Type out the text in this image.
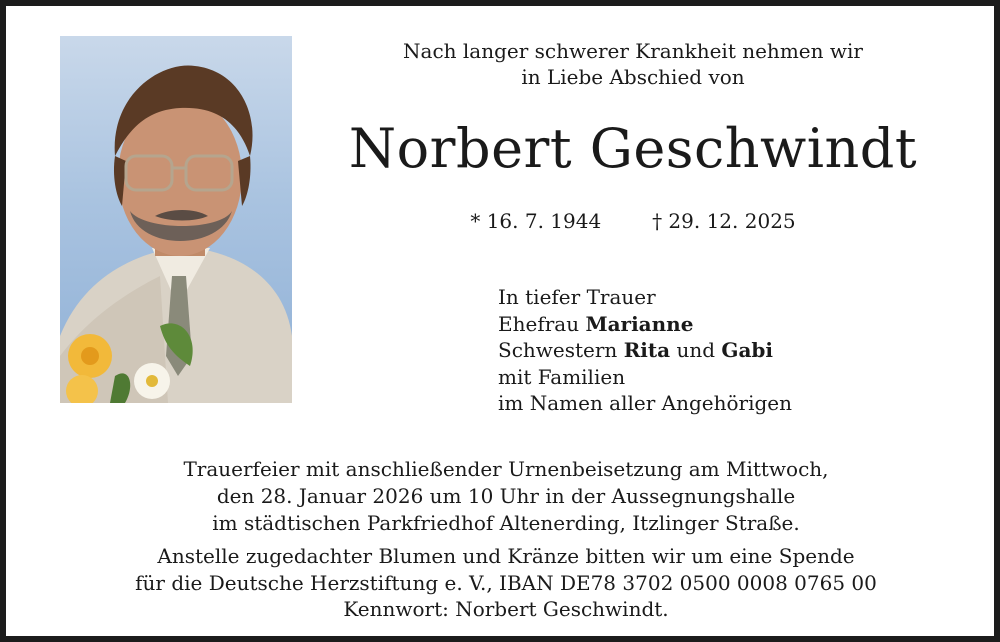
Nach langer schwerer Krankheit nehmen wir
in Liebe Abschied von
Norbert Geschwindt
* 16. 7. 1944	† 29. 12. 2025
In tiefer Trauer
Ehefrau Marianne
Schwestern Rita und Gabi
mit Familien
im Namen aller Angehörigen
Trauerfeier mit anschließender Urnenbeisetzung am Mittwoch,
den 28. Januar 2026 um 10 Uhr in der Aussegnungshalle
im städtischen Parkfriedhof Altenerding, Itzlinger Straße.
Anstelle zugedachter Blumen und Kränze bitten wir um eine Spende
für die Deutsche Herzstiftung e. V., IBAN DE78 3702 0500 0008 0765 00
Kennwort: Norbert Geschwindt.
